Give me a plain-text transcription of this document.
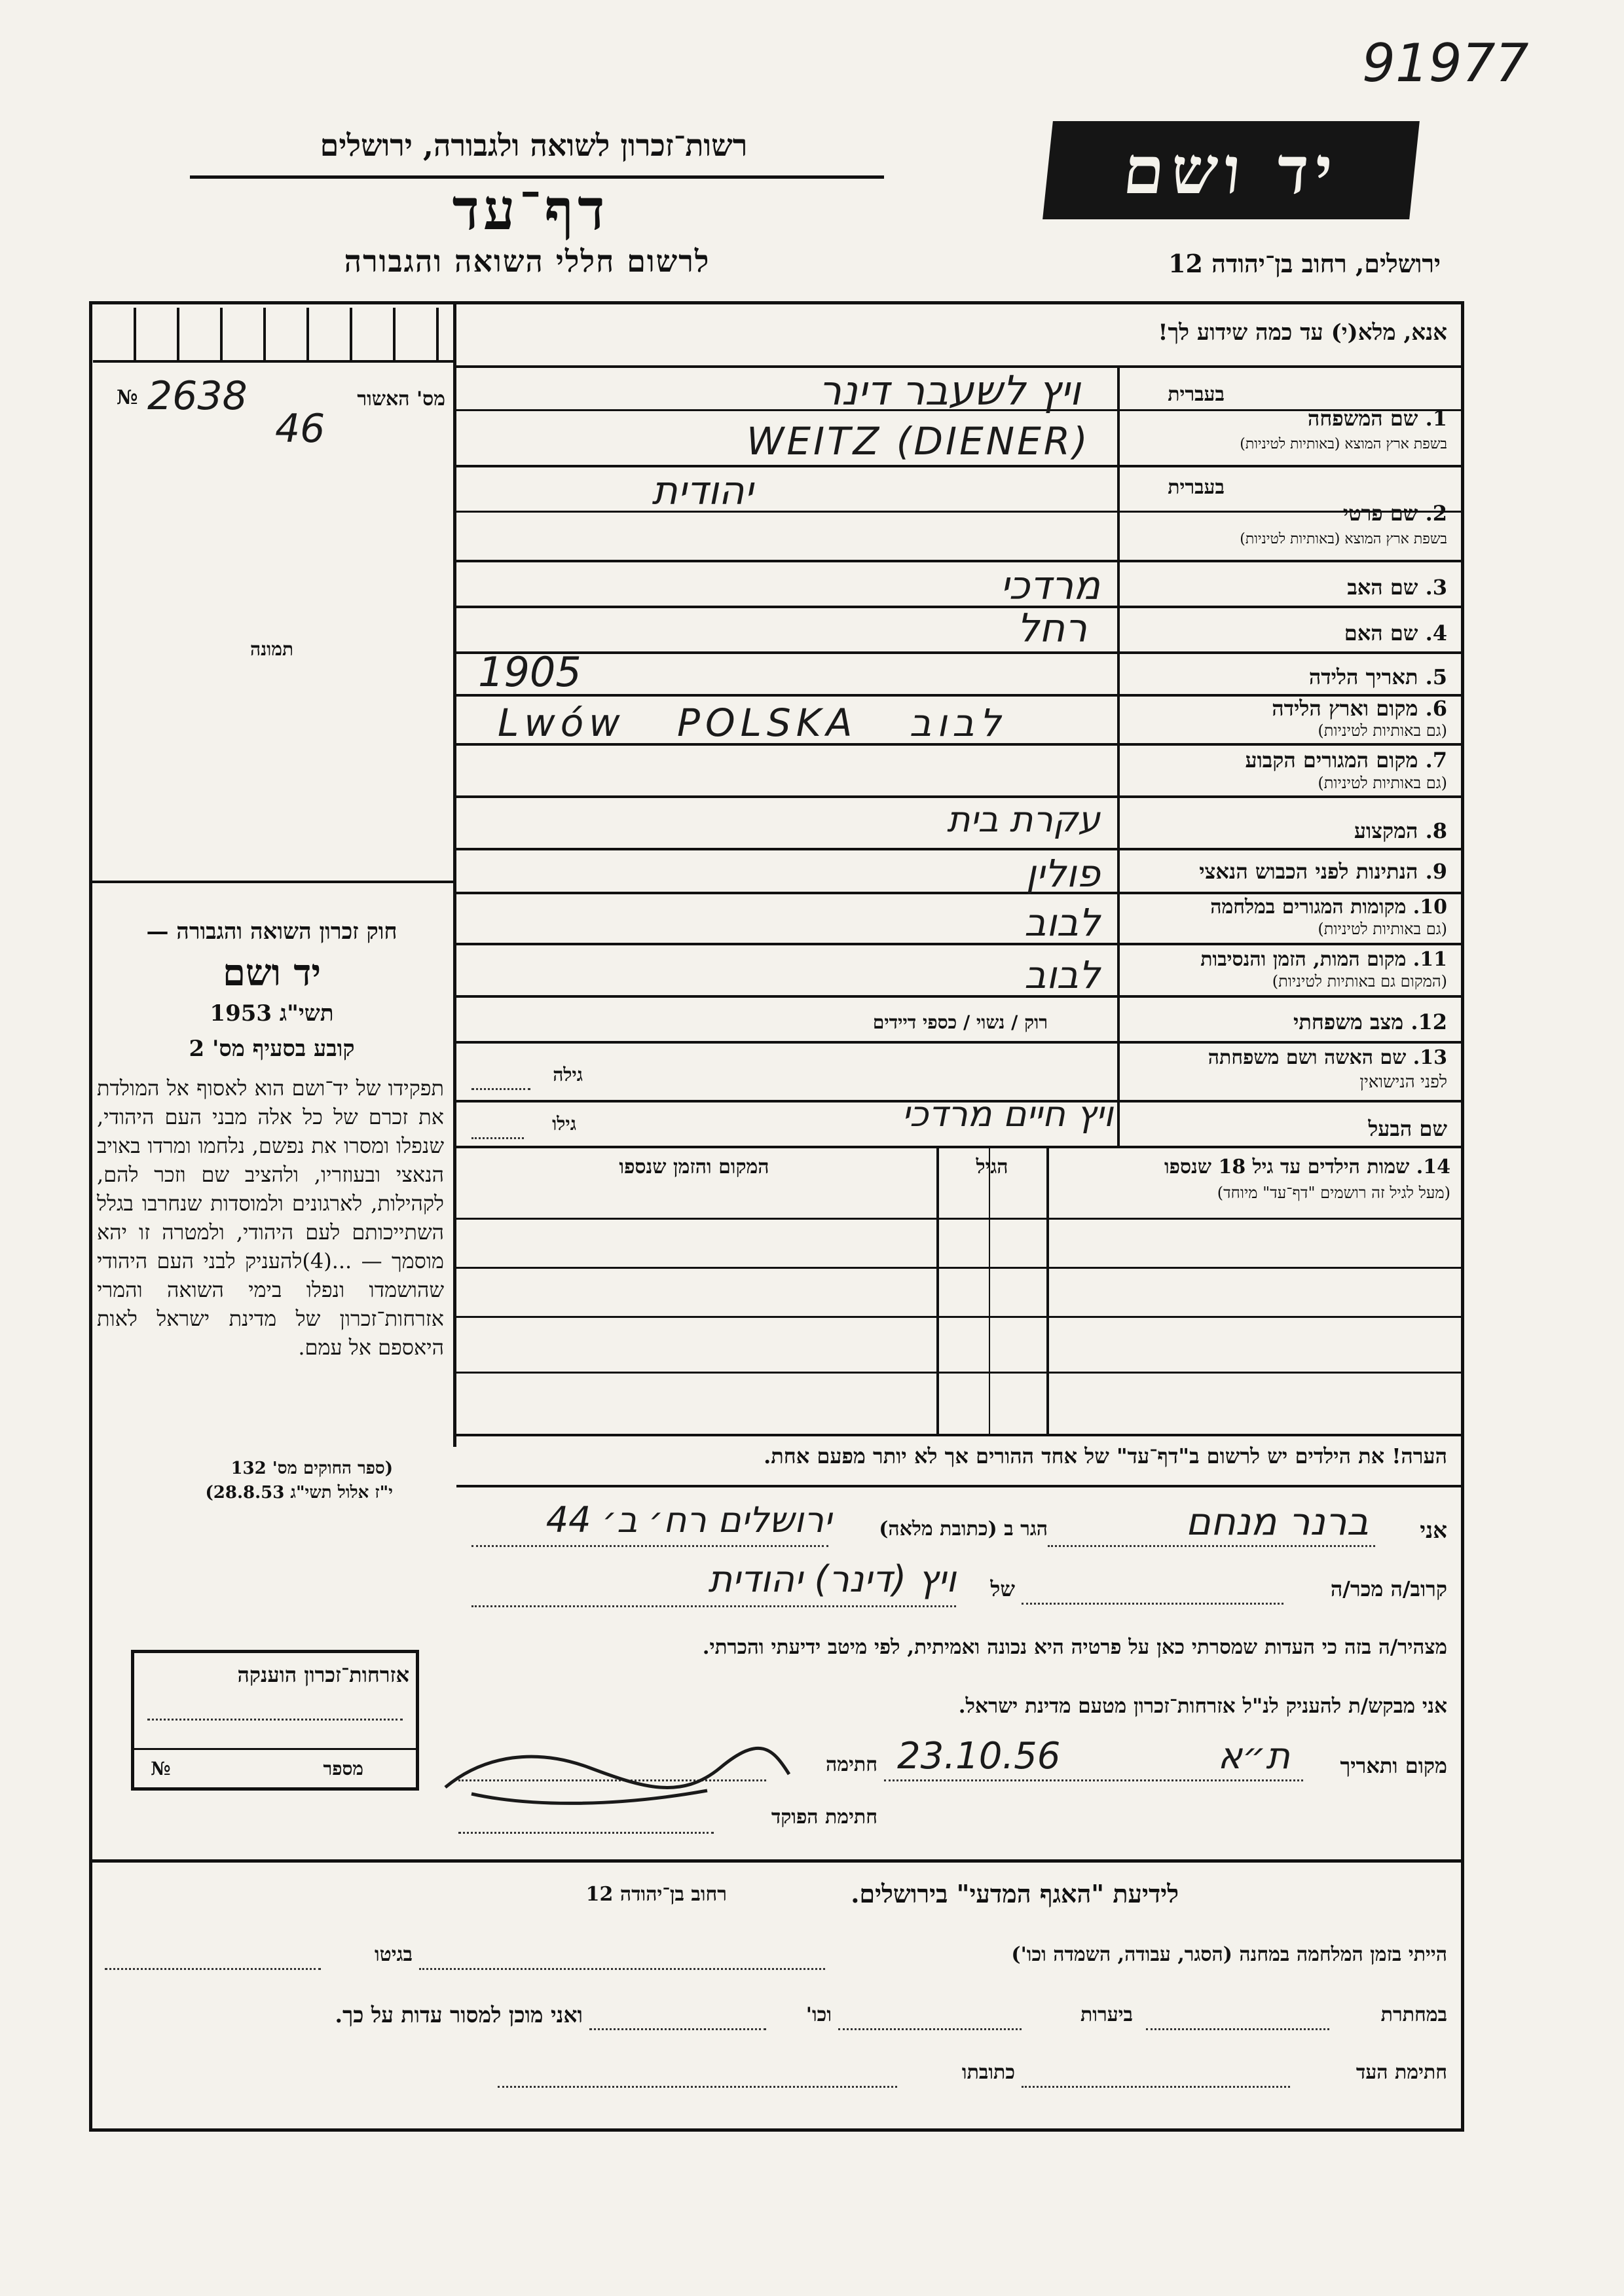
91977
רשות־זכרון לשואה ולגבורה, ירושלים
דף־עד
לרשום חללי השואה והגבורה
יד ושם
ירושלים, רחוב בן־יהודה 12
אנא, מלא(י) עד כמה שידוע לך!
מס' האשור
№ 2638
46
תמונה
חוק זכרון השואה והגבורה —
יד ושם
תשי"ג 1953
קובע בסעיף מס' 2
תפקידו של יד־ושם הוא לאסוף אל המולדת את זכרם של כל אלה מבני העם היהודי, שנפלו ומסרו את נפשם, נלחמו ומרדו באויב הנאצי ובעוזריו, ולהציב שם וזכר להם, לקהילות, לארגונים ולמוסדות שנחרבו בגלל השתייכותם לעם היהודי, ולמטרה זו יהא מוסמך — ...(4)להעניק לבני העם היהודי שהושמדו ונפלו בימי השואה והמרי אזרחות־זכרון של מדינת ישראל לאות היאספם אל עמם.
(ספר החוקים מס' 132
י"ז אלול תשי"ג 28.8.53)
בעברית
1. שם המשפחה
בשפת ארץ המוצא (באותיות לטיניות)
ויץ לשעבר דינר
WEITZ (DIENER)
בעברית
2. שם פרטי
בשפת ארץ המוצא (באותיות לטיניות)
יהודית
3. שם האב
מרדכי
4. שם האם
רחל
5. תאריך הלידה
1905
6. מקום וארץ הלידה
(גם באותיות לטיניות)
Lwów   POLSKA   לבוב
7. מקום המגורים הקבוע
(גם באותיות לטיניות)
8. המקצוע
עקרת בית
9. הנתינות לפני הכבוש הנאצי
פולין
10. מקומות המגורים במלחמה
(גם באותיות לטיניות)
לבוב
11. מקום המות, הזמן והנסיבות
(המקום גם באותיות לטיניות)
לבוב
12. מצב משפחתי
רוק / נשוי / כספי דיידים
13. שם האשה ושם משפחתה
לפני הנישואין
גילה
שם הבעל
ויץ חיים מרדכי
גילו
14. שמות הילדים עד גיל 18 שנספו
(מעל לגיל זה רושמים "דף־עד" מיוחד)
הגיל
המקום והזמן שנספו
הערה! את הילדים יש לרשום ב"דף־עד" של אחד ההורים אך לא יותר מפעם אחת.
אני
ברנר מנחם
הגר ב (כתובת מלאה)
ירושלים רח׳ ב׳ 44
קרוב/ה מכר/ה
של
ויץ (דינר) יהודית
מצהיר/ה בזה כי העדות שמסרתי כאן על פרטיה היא נכונה ואמיתית, לפי מיטב ידיעתי והכרתי.
אני מבקש/ת להעניק לנ"ל אזרחות־זכרון מטעם מדינת ישראל.
מקום ותאריך
ת״א
23.10.56
חתימה
חתימת הפוקד
אזרחות־זכרון הוענקה
מספר
№
לידיעת "האגף המדעי" בירושלים.
רחוב בן־יהודה 12
הייתי בזמן המלחמה במחנה (הסגר, עבודה, השמדה וכו')
בגיטו
במחתרת
ביערות
וכו'
ואני מוכן למסור עדות על כך.
חתימת העד
כתובתו
